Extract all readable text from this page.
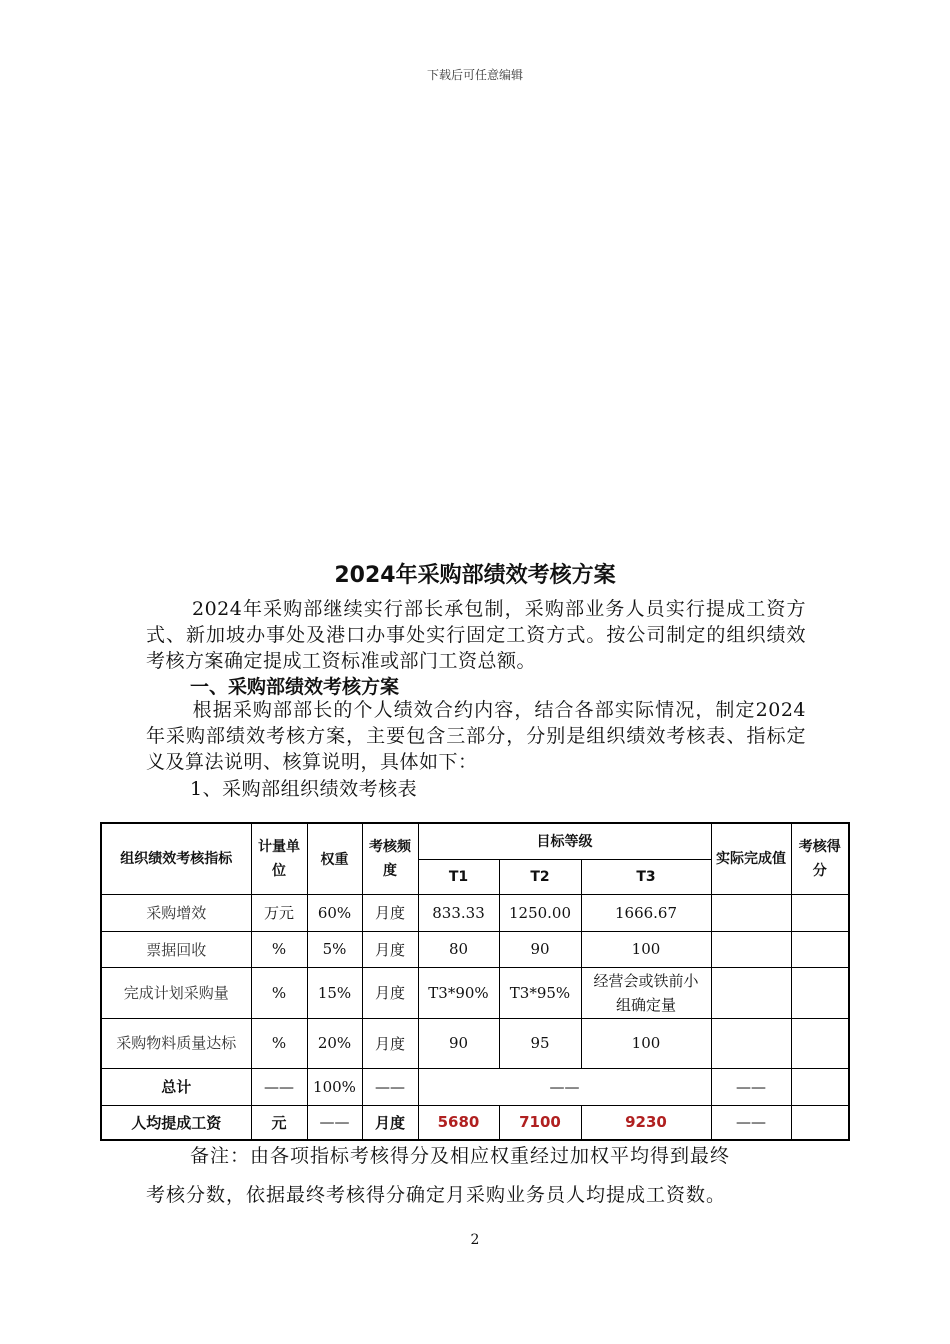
下载后可任意编辑
2024年采购部绩效考核方案
2024年采购部继续实行部长承包制，采购部业务人员实行提成工资方式、新加坡办事处及港口办事处实行固定工资方式。按公司制定的组织绩效考核方案确定提成工资标准或部门工资总额。
一、采购部绩效考核方案
根据采购部部长的个人绩效合约内容，结合各部实际情况，制定2024年采购部绩效考核方案，主要包含三部分，分别是组织绩效考核表、指标定义及算法说明、核算说明，具体如下：
1、采购部组织绩效考核表
组织绩效考核指标	计量单位	权重	考核频度	目标等级			实际完成值	考核得分
				T1	T2	T3		
采购增效	万元	60%	月度	833.33	1250.00	1666.67		
票据回收	%	5%	月度	80	90	100		
完成计划采购量	%	15%	月度	T3*90%	T3*95%	经营会或铁前小组确定量		
采购物料质量达标	%	20%	月度	90	95	100		
总计	——	100%	——	——			——	
人均提成工资	元	——	月度	5680	7100	9230	——	
备注：由各项指标考核得分及相应权重经过加权平均得到最终
考核分数，依据最终考核得分确定月采购业务员人均提成工资数。
2
